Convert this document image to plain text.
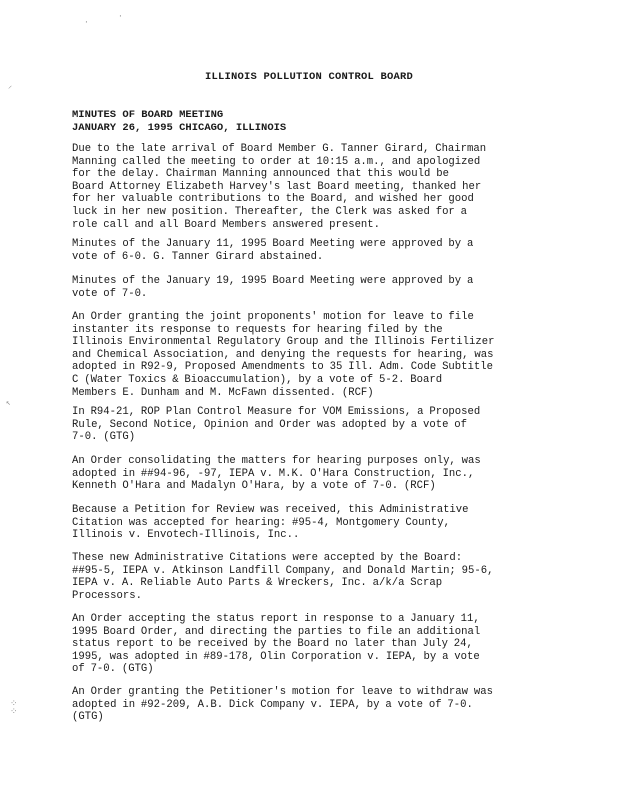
·
·
⸝
↖
⁘
⁘
ILLINOIS POLLUTION CONTROL BOARD
MINUTES OF BOARD MEETING
JANUARY 26, 1995 CHICAGO, ILLINOIS
Due to the late arrival of Board Member G. Tanner Girard, Chairman
Manning called the meeting to order at 10:15 a.m., and apologized
for the delay. Chairman Manning announced that this would be
Board Attorney Elizabeth Harvey's last Board meeting, thanked her
for her valuable contributions to the Board, and wished her good
luck in her new position. Thereafter, the Clerk was asked for a
role call and all Board Members answered present.
Minutes of the January 11, 1995 Board Meeting were approved by a
vote of 6-0. G. Tanner Girard abstained.
Minutes of the January 19, 1995 Board Meeting were approved by a
vote of 7-0.
An Order granting the joint proponents' motion for leave to file
instanter its response to requests for hearing filed by the
Illinois Environmental Regulatory Group and the Illinois Fertilizer
and Chemical Association, and denying the requests for hearing, was
adopted in R92-9, Proposed Amendments to 35 Ill. Adm. Code Subtitle
C (Water Toxics & Bioaccumulation), by a vote of 5-2. Board
Members E. Dunham and M. McFawn dissented. (RCF)
In R94-21, ROP Plan Control Measure for VOM Emissions, a Proposed
Rule, Second Notice, Opinion and Order was adopted by a vote of
7-0. (GTG)
An Order consolidating the matters for hearing purposes only, was
adopted in ##94-96, -97, IEPA v. M.K. O'Hara Construction, Inc.,
Kenneth O'Hara and Madalyn O'Hara, by a vote of 7-0. (RCF)
Because a Petition for Review was received, this Administrative
Citation was accepted for hearing: #95-4, Montgomery County,
Illinois v. Envotech-Illinois, Inc..
These new Administrative Citations were accepted by the Board:
##95-5, IEPA v. Atkinson Landfill Company, and Donald Martin; 95-6,
IEPA v. A. Reliable Auto Parts & Wreckers, Inc. a/k/a Scrap
Processors.
An Order accepting the status report in response to a January 11,
1995 Board Order, and directing the parties to file an additional
status report to be received by the Board no later than July 24,
1995, was adopted in #89-178, Olin Corporation v. IEPA, by a vote
of 7-0. (GTG)
An Order granting the Petitioner's motion for leave to withdraw was
adopted in #92-209, A.B. Dick Company v. IEPA, by a vote of 7-0.
(GTG)
